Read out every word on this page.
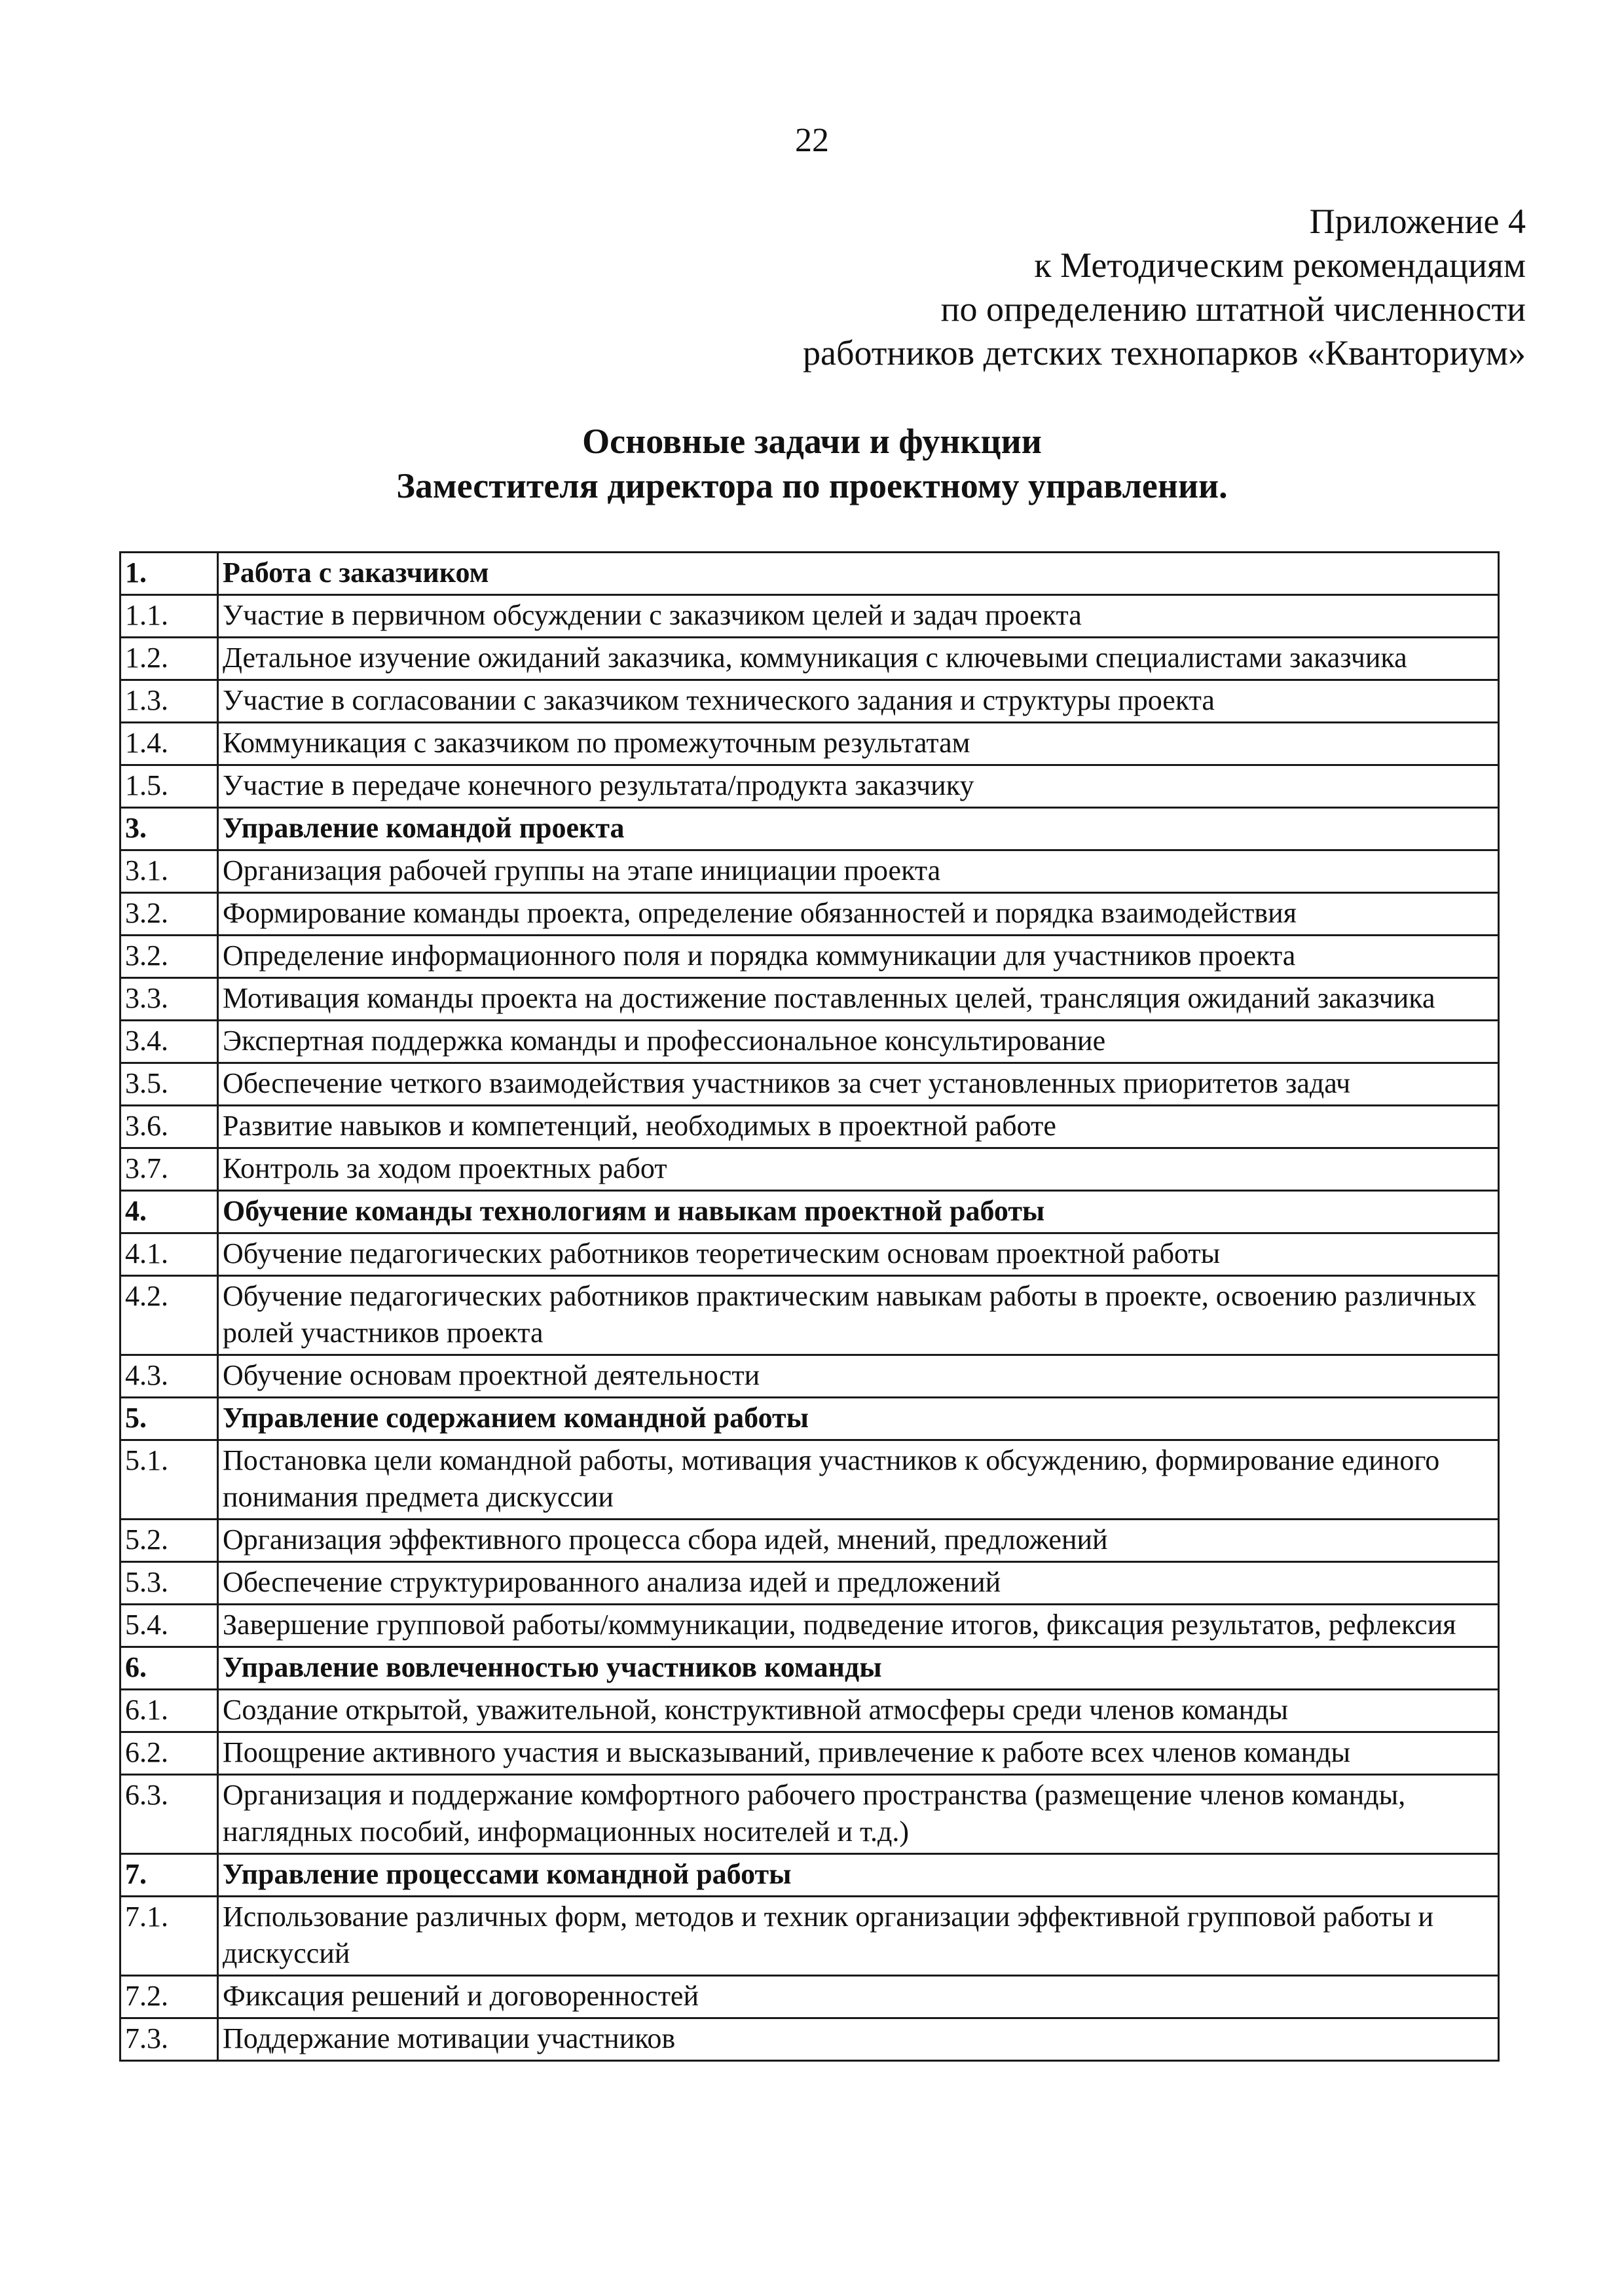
22
Приложение 4
к Методическим рекомендациям
по определению штатной численности
работников детских технопарков «Кванториум»
Основные задачи и функции
Заместителя директора по проектному управлении.
1.	Работа с заказчиком
1.1.	Участие в первичном обсуждении с заказчиком целей и задач проекта
1.2.	Детальное изучение ожиданий заказчика, коммуникация с ключевыми специалистами заказчика
1.3.	Участие в согласовании с заказчиком технического задания и структуры проекта
1.4.	Коммуникация с заказчиком по промежуточным результатам
1.5.	Участие в передаче конечного результата/продукта заказчику
3.	Управление командой проекта
3.1.	Организация рабочей группы на этапе инициации проекта
3.2.	Формирование команды проекта, определение обязанностей и порядка взаимодействия
3.2.	Определение информационного поля и порядка коммуникации для участников проекта
3.3.	Мотивация команды проекта на достижение поставленных целей, трансляция ожиданий заказчика
3.4.	Экспертная поддержка команды и профессиональное консультирование
3.5.	Обеспечение четкого взаимодействия участников за счет установленных приоритетов задач
3.6.	Развитие навыков и компетенций, необходимых в проектной работе
3.7.	Контроль за ходом проектных работ
4.	Обучение команды технологиям и навыкам проектной работы
4.1.	Обучение педагогических работников теоретическим основам проектной работы
4.2.	Обучение педагогических работников практическим навыкам работы в проекте, освоению различных ролей участников проекта
4.3.	Обучение основам проектной деятельности
5.	Управление содержанием командной работы
5.1.	Постановка цели командной работы, мотивация участников к обсуждению, формирование единого понимания предмета дискуссии
5.2.	Организация эффективного процесса сбора идей, мнений, предложений
5.3.	Обеспечение структурированного анализа идей и предложений
5.4.	Завершение групповой работы/коммуникации, подведение итогов, фиксация результатов, рефлексия
6.	Управление вовлеченностью участников команды
6.1.	Создание открытой, уважительной, конструктивной атмосферы среди членов команды
6.2.	Поощрение активного участия и высказываний, привлечение к работе всех членов команды
6.3.	Организация и поддержание комфортного рабочего пространства (размещение членов команды, наглядных пособий, информационных носителей и т.д.)
7.	Управление процессами командной работы
7.1.	Использование различных форм, методов и техник организации эффективной групповой работы и дискуссий
7.2.	Фиксация решений и договоренностей
7.3.	Поддержание мотивации участников
